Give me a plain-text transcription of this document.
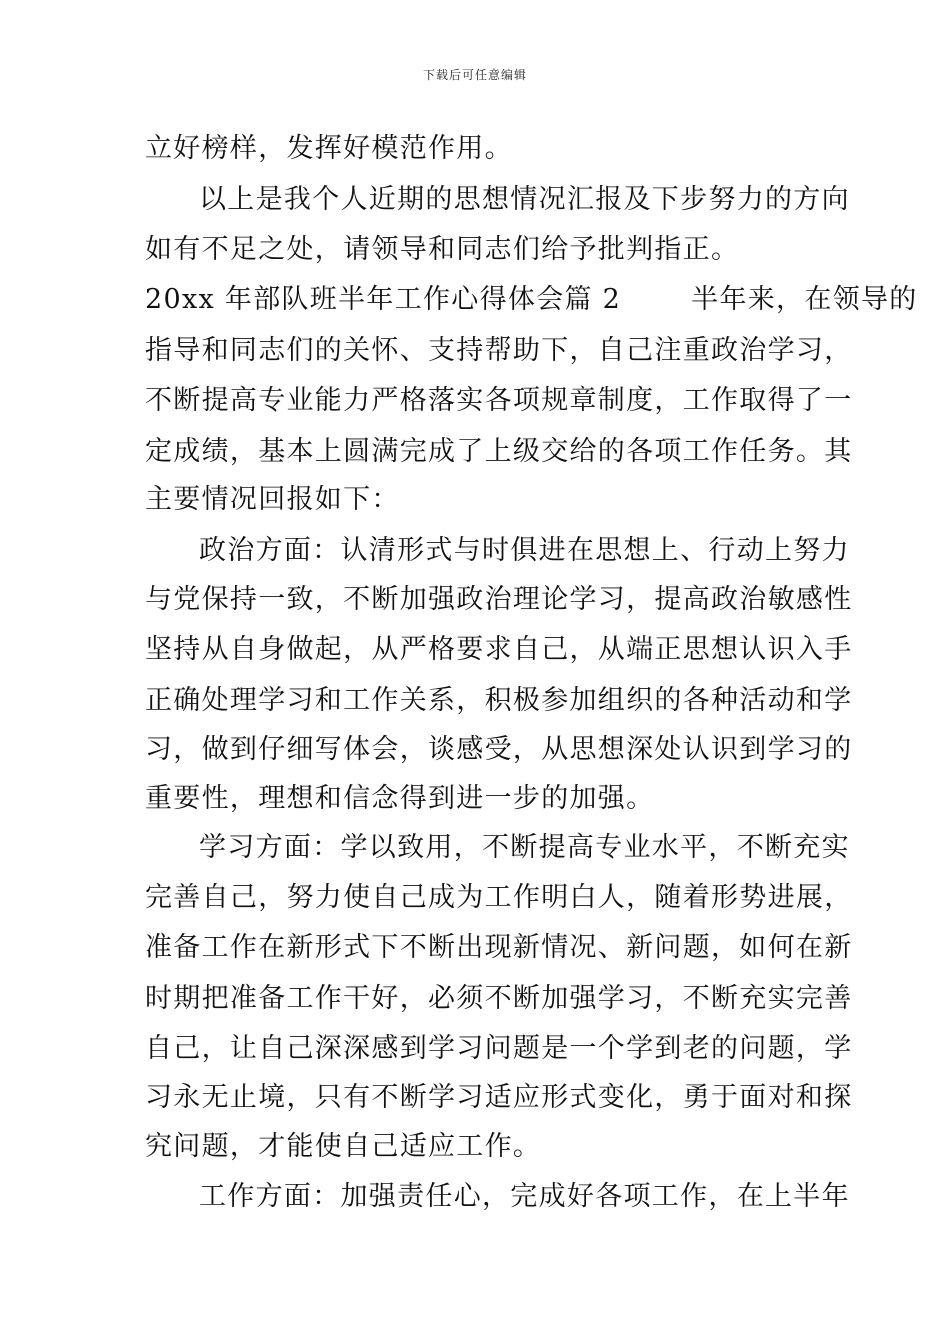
下载后可任意编辑
立好榜样，发挥好模范作用。
以上是我个人近期的思想情况汇报及下步努力的方向
如有不足之处，请领导和同志们给予批判指正。
20xx 年部队班半年工作心得体会篇 2	半年来，在领导的
指导和同志们的关怀、支持帮助下，自己注重政治学习，
不断提高专业能力严格落实各项规章制度，工作取得了一
定成绩，基本上圆满完成了上级交给的各项工作任务。其
主要情况回报如下：
政治方面：认清形式与时俱进在思想上、行动上努力
与党保持一致，不断加强政治理论学习，提高政治敏感性
坚持从自身做起，从严格要求自己，从端正思想认识入手
正确处理学习和工作关系，积极参加组织的各种活动和学
习，做到仔细写体会，谈感受，从思想深处认识到学习的
重要性，理想和信念得到进一步的加强。
学习方面：学以致用，不断提高专业水平，不断充实
完善自己，努力使自己成为工作明白人，随着形势进展，
准备工作在新形式下不断出现新情况、新问题，如何在新
时期把准备工作干好，必须不断加强学习，不断充实完善
自己，让自己深深感到学习问题是一个学到老的问题，学
习永无止境，只有不断学习适应形式变化，勇于面对和探
究问题，才能使自己适应工作。
工作方面：加强责任心，完成好各项工作，在上半年
